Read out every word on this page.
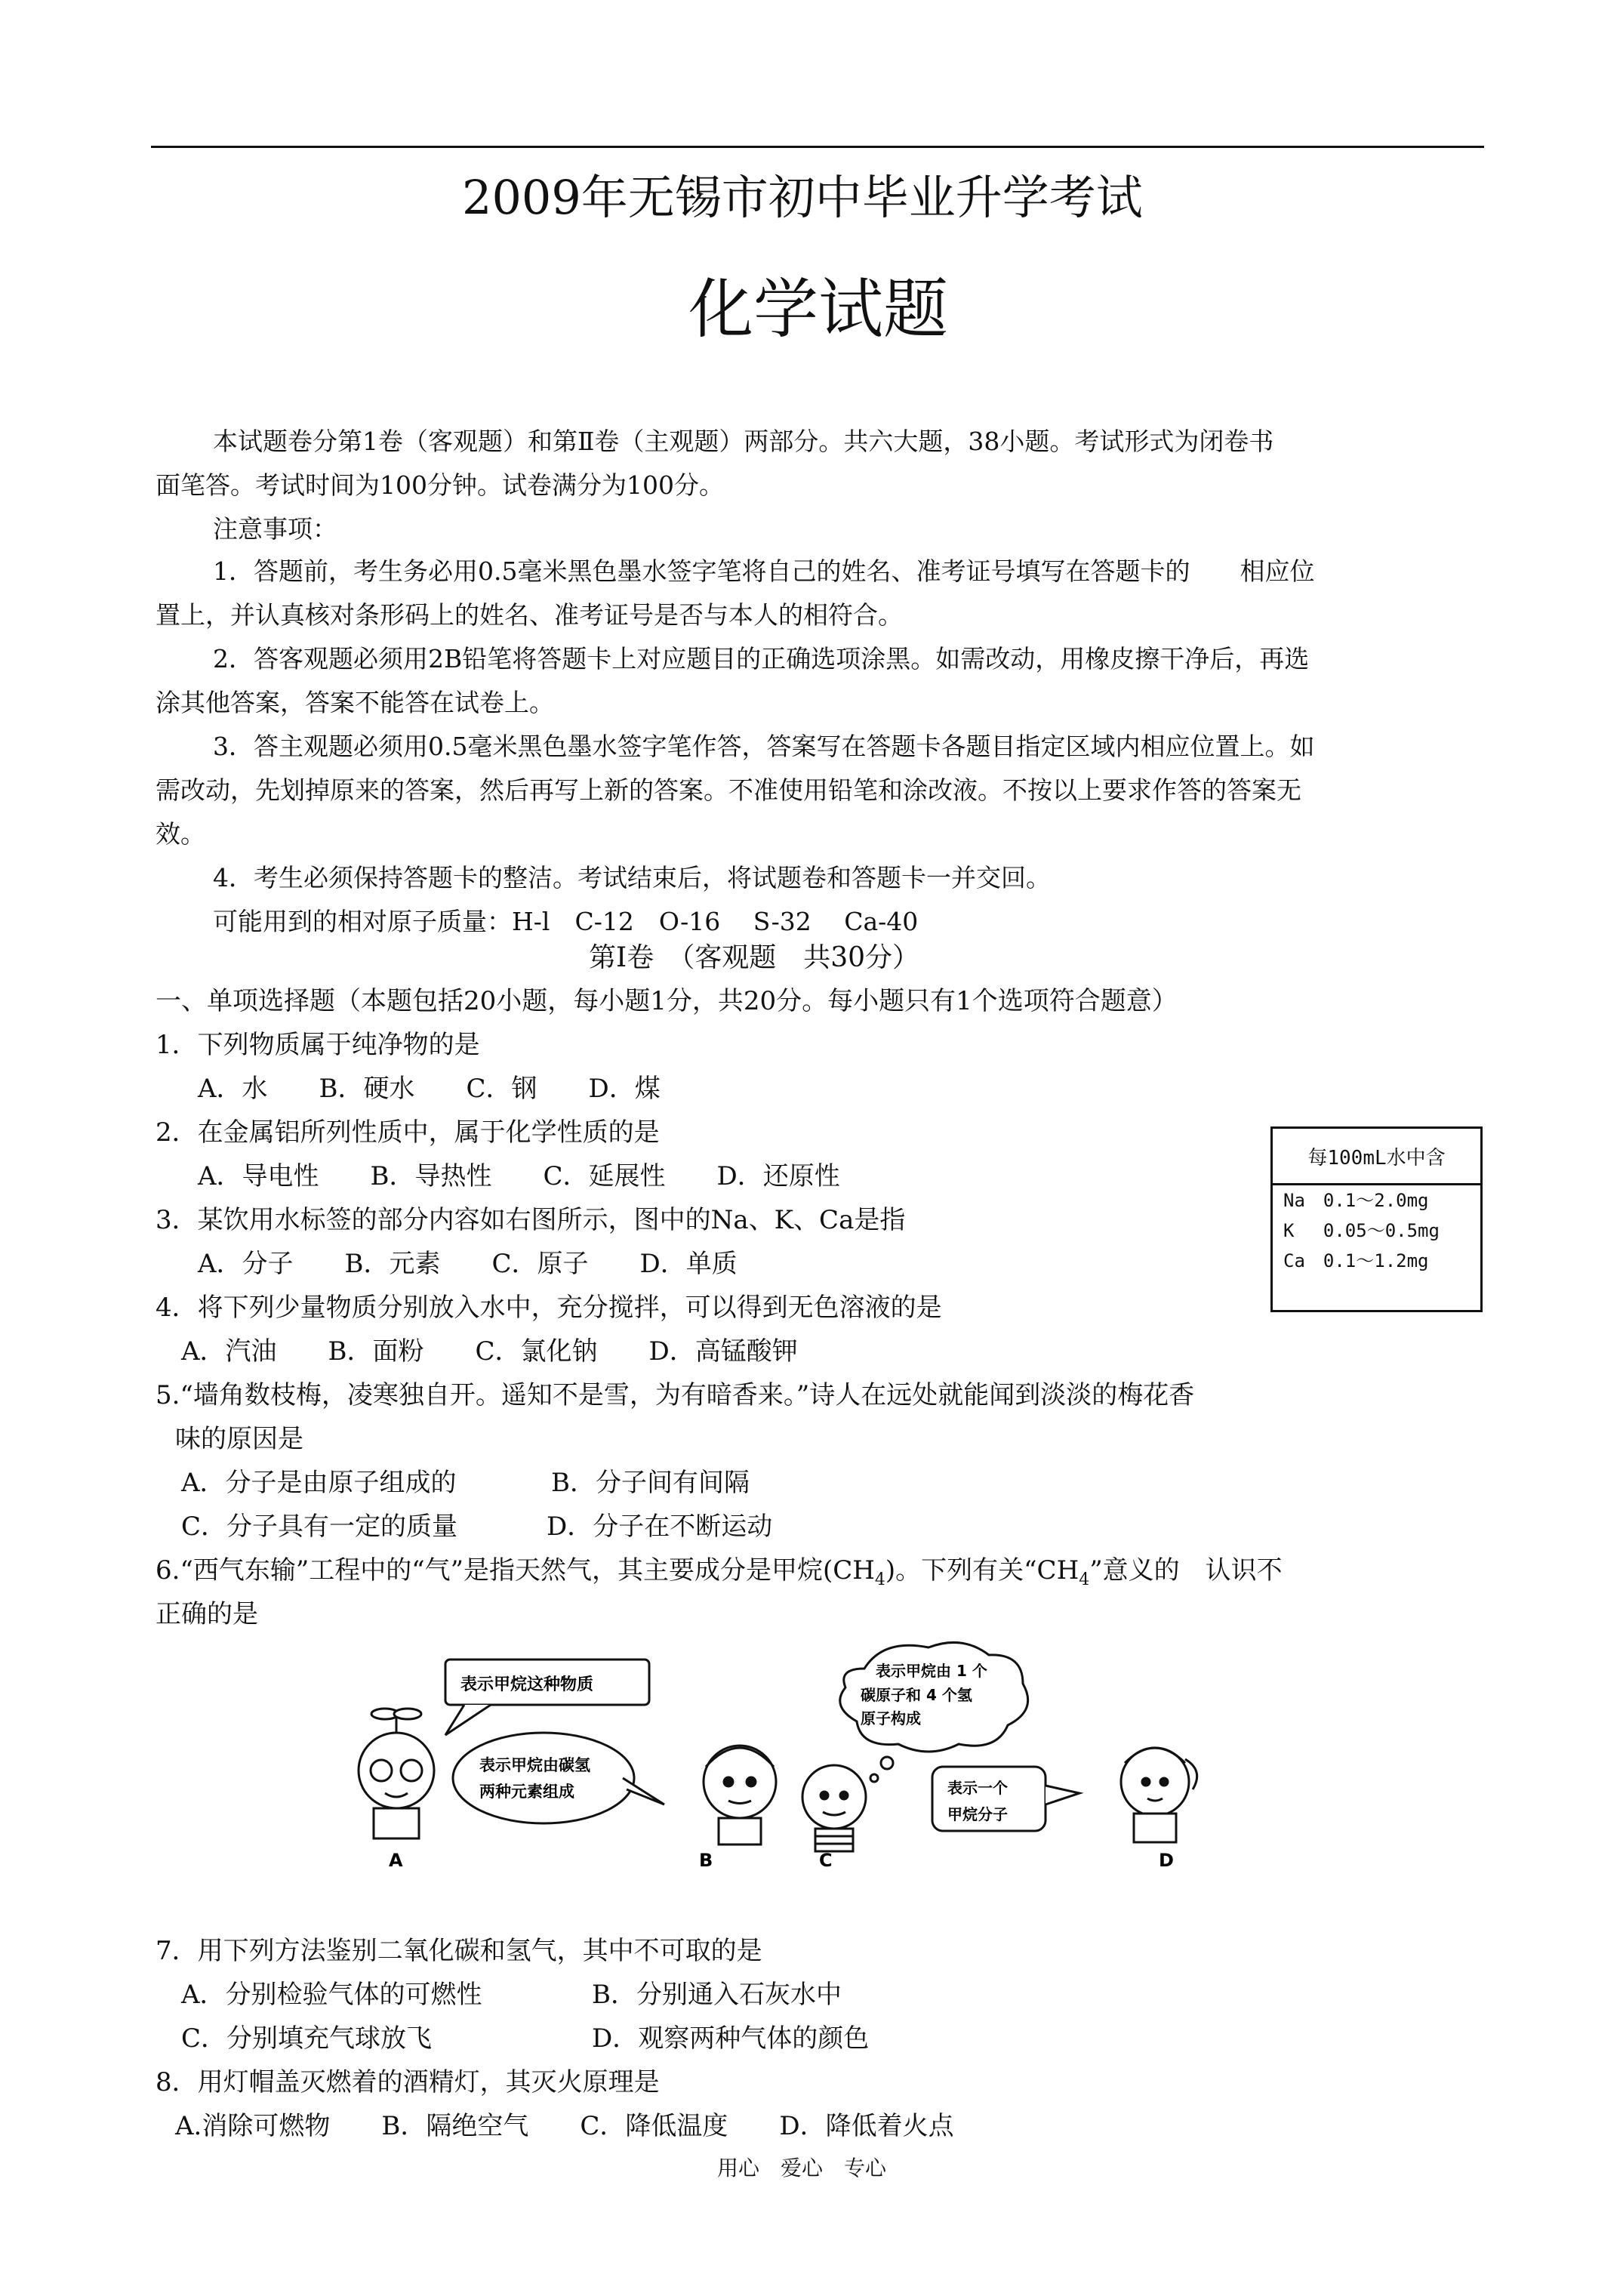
2009年无锡市初中毕业升学考试
化学试题
本试题卷分第1卷（客观题）和第Ⅱ卷（主观题）两部分。共六大题，38小题。考试形式为闭卷书
面笔答。考试时间为100分钟。试卷满分为100分。
注意事项：
1．答题前，考生务必用0.5毫米黑色墨水签字笔将自己的姓名、准考证号填写在答题卡的　　相应位
置上，并认真核对条形码上的姓名、准考证号是否与本人的相符合。
2．答客观题必须用2B铅笔将答题卡上对应题目的正确选项涂黑。如需改动，用橡皮擦干净后，再选
涂其他答案，答案不能答在试卷上。
3．答主观题必须用0.5毫米黑色墨水签字笔作答，答案写在答题卡各题目指定区域内相应位置上。如
需改动，先划掉原来的答案，然后再写上新的答案。不准使用铅笔和涂改液。不按以上要求作答的答案无
效。
4．考生必须保持答题卡的整洁。考试结束后，将试题卷和答题卡一并交回。
可能用到的相对原子质量：H-l　C-12　O-16　 S-32　 Ca-40
第Ⅰ卷　（客观题　共30分）
一、单项选择题（本题包括20小题，每小题1分，共20分。每小题只有1个选项符合题意）
1．下列物质属于纯净物的是
A．水　　B．硬水　　C．钢　　D．煤
2．在金属铝所列性质中，属于化学性质的是
A．导电性　　B．导热性　　C．延展性　　D．还原性
3．某饮用水标签的部分内容如右图所示，图中的Na、K、Ca是指
A．分子　　B．元素　　C．原子　　D．单质
4．将下列少量物质分别放入水中，充分搅拌，可以得到无色溶液的是
A．汽油　　B．面粉　　C．氯化钠　　D．高锰酸钾
每100mL水中含
Na　0.1～2.0mg
K　 0.05～0.5mg
Ca　0.1～1.2mg
5.“墙角数枝梅，凌寒独自开。遥知不是雪，为有暗香来。”诗人在远处就能闻到淡淡的梅花香
味的原因是
A．分子是由原子组成的	B．分子间有间隔
C．分子具有一定的质量	D．分子在不断运动
6.“西气东输”工程中的“气”是指天然气，其主要成分是甲烷$(CH_4)$。下列有关“$CH_4$”意义的　认识不
正确的是
表示甲烷这种物质
表示甲烷由碳氢
两种元素组成
表示甲烷由 1 个
碳原子和 4 个氢
原子构成
表示一个
甲烷分子
A	B	C	D
7．用下列方法鉴别二氧化碳和氢气，其中不可取的是
A．分别检验气体的可燃性	B．分别通入石灰水中
C．分别填充气球放飞	D．观察两种气体的颜色
8．用灯帽盖灭燃着的酒精灯，其灭火原理是
A.消除可燃物　　B．隔绝空气　　C．降低温度　　D．降低着火点
用心　爱心　专心
